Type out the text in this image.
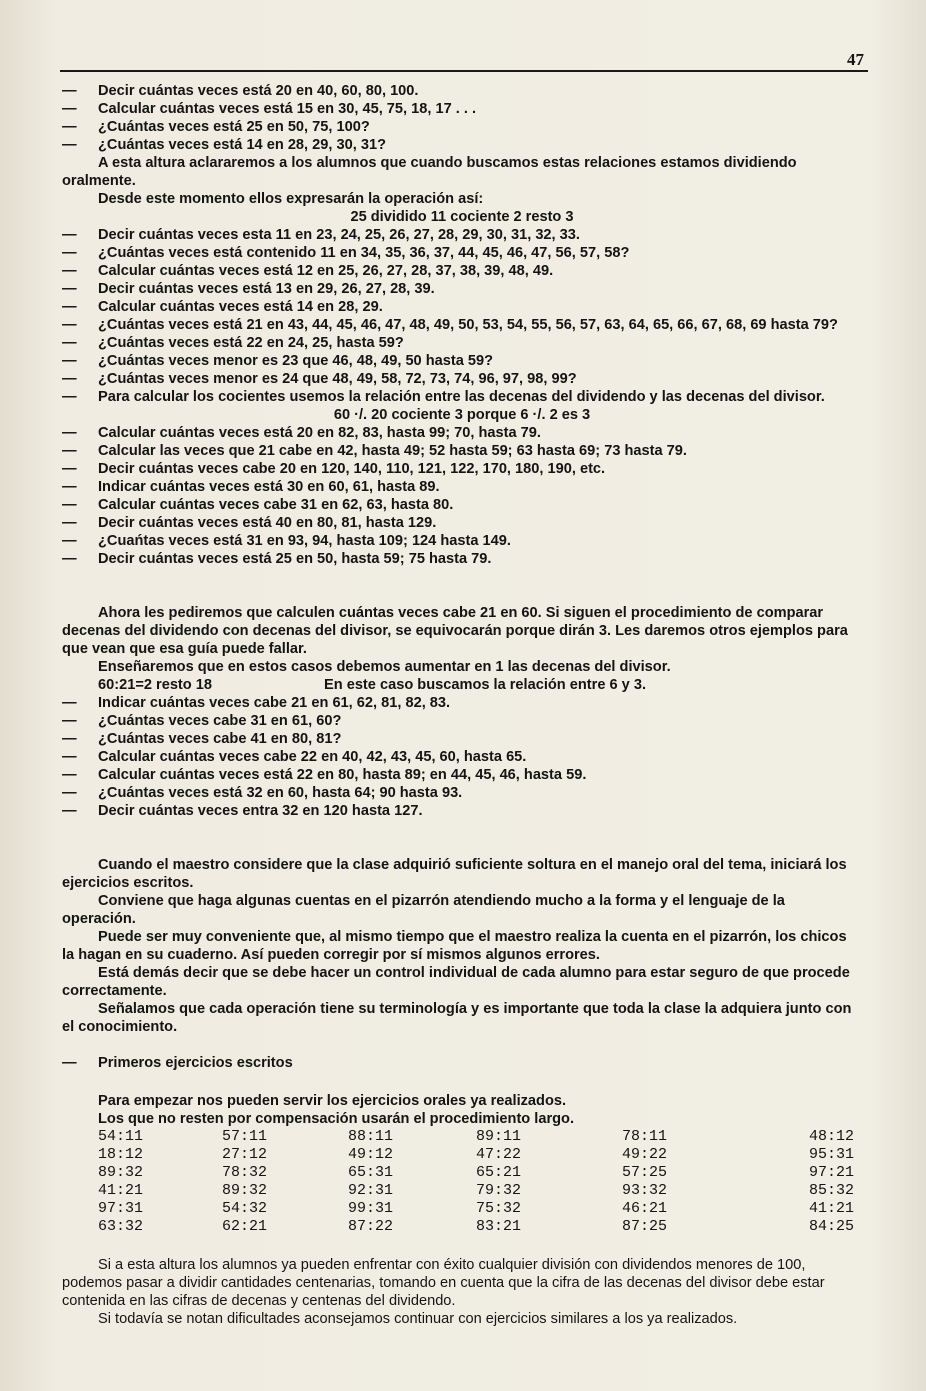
47
— Decir cuántas veces está 20 en 40, 60, 80, 100.
— Calcular cuántas veces está 15 en 30, 45, 75, 18, 17 . . .
— ¿Cuántas veces está 25 en 50, 75, 100?
— ¿Cuántas veces está 14 en 28, 29, 30, 31?
A esta altura aclararemos a los alumnos que cuando buscamos estas relaciones estamos dividiendo oralmente.
Desde este momento ellos expresarán la operación así:
25 dividido 11 cociente 2 resto 3
— Decir cuántas veces esta 11 en 23, 24, 25, 26, 27, 28, 29, 30, 31, 32, 33.
— ¿Cuántas veces está contenido 11 en 34, 35, 36, 37, 44, 45, 46, 47, 56, 57, 58?
— Calcular cuántas veces está 12 en 25, 26, 27, 28, 37, 38, 39, 48, 49.
— Decir cuántas veces está 13 en 29, 26, 27, 28, 39.
— Calcular cuántas veces está 14 en 28, 29.
— ¿Cuántas veces está 21 en 43, 44, 45, 46, 47, 48, 49, 50, 53, 54, 55, 56, 57, 63, 64, 65, 66, 67, 68, 69 hasta 79?
— ¿Cuántas veces está 22 en 24, 25, hasta 59?
— ¿Cuántas veces menor es 23 que 46, 48, 49, 50 hasta 59?
— ¿Cuántas veces menor es 24 que 48, 49, 58, 72, 73, 74, 96, 97, 98, 99?
— Para calcular los cocientes usemos la relación entre las decenas del dividendo y las decenas del divisor.
60 ·/. 20 cociente 3 porque 6 ·/. 2 es 3
— Calcular cuántas veces está 20 en 82, 83, hasta 99; 70, hasta 79.
— Calcular las veces que 21 cabe en 42, hasta 49; 52 hasta 59; 63 hasta 69; 73 hasta 79.
— Decir cuántas veces cabe 20 en 120, 140, 110, 121, 122, 170, 180, 190, etc.
— Indicar cuántas veces está 30 en 60, 61, hasta 89.
— Calcular cuántas veces cabe 31 en 62, 63, hasta 80.
— Decir cuántas veces está 40 en 80, 81, hasta 129.
— ¿Cuańtas veces está 31 en 93, 94, hasta 109; 124 hasta 149.
— Decir cuántas veces está 25 en 50, hasta 59; 75 hasta 79.
Ahora les pediremos que calculen cuántas veces cabe 21 en 60. Si siguen el procedimiento de comparar decenas del dividendo con decenas del divisor, se equivocarán porque dirán 3. Les daremos otros ejemplos para que vean que esa guía puede fallar.
Enseñaremos que en estos casos debemos aumentar en 1 las decenas del divisor.
60:21=2 resto 18	En este caso buscamos la relación entre 6 y 3.
— Indicar cuántas veces cabe 21 en 61, 62, 81, 82, 83.
— ¿Cuántas veces cabe 31 en 61, 60?
— ¿Cuántas veces cabe 41 en 80, 81?
— Calcular cuántas veces cabe 22 en 40, 42, 43, 45, 60, hasta 65.
— Calcular cuántas veces está 22 en 80, hasta 89; en 44, 45, 46, hasta 59.
— ¿Cuántas veces está 32 en 60, hasta 64; 90 hasta 93.
— Decir cuántas veces entra 32 en 120 hasta 127.
Cuando el maestro considere que la clase adquirió suficiente soltura en el manejo oral del tema, iniciará los ejercicios escritos.
Conviene que haga algunas cuentas en el pizarrón atendiendo mucho a la forma y el lenguaje de la operación.
Puede ser muy conveniente que, al mismo tiempo que el maestro realiza la cuenta en el pizarrón, los chicos la hagan en su cuaderno. Así pueden corregir por sí mismos algunos errores.
Está demás decir que se debe hacer un control individual de cada alumno para estar seguro de que procede correctamente.
Señalamos que cada operación tiene su terminología y es importante que toda la clase la adquiera junto con el conocimiento.
— Primeros ejercicios escritos
Para empezar nos pueden servir los ejercicios orales ya realizados.
Los que no resten por compensación usarán el procedimiento largo.
54:11	57:11	88:11	89:11	78:11	48:12
18:12	27:12	49:12	47:22	49:22	95:31
89:32	78:32	65:31	65:21	57:25	97:21
41:21	89:32	92:31	79:32	93:32	85:32
97:31	54:32	99:31	75:32	46:21	41:21
63:32	62:21	87:22	83:21	87:25	84:25
Si a esta altura los alumnos ya pueden enfrentar con éxito cualquier división con dividendos menores de 100, podemos pasar a dividir cantidades centenarias, tomando en cuenta que la cifra de las decenas del divisor debe estar contenida en las cifras de decenas y centenas del dividendo.
Si todavía se notan dificultades aconsejamos continuar con ejercicios similares a los ya realizados.
